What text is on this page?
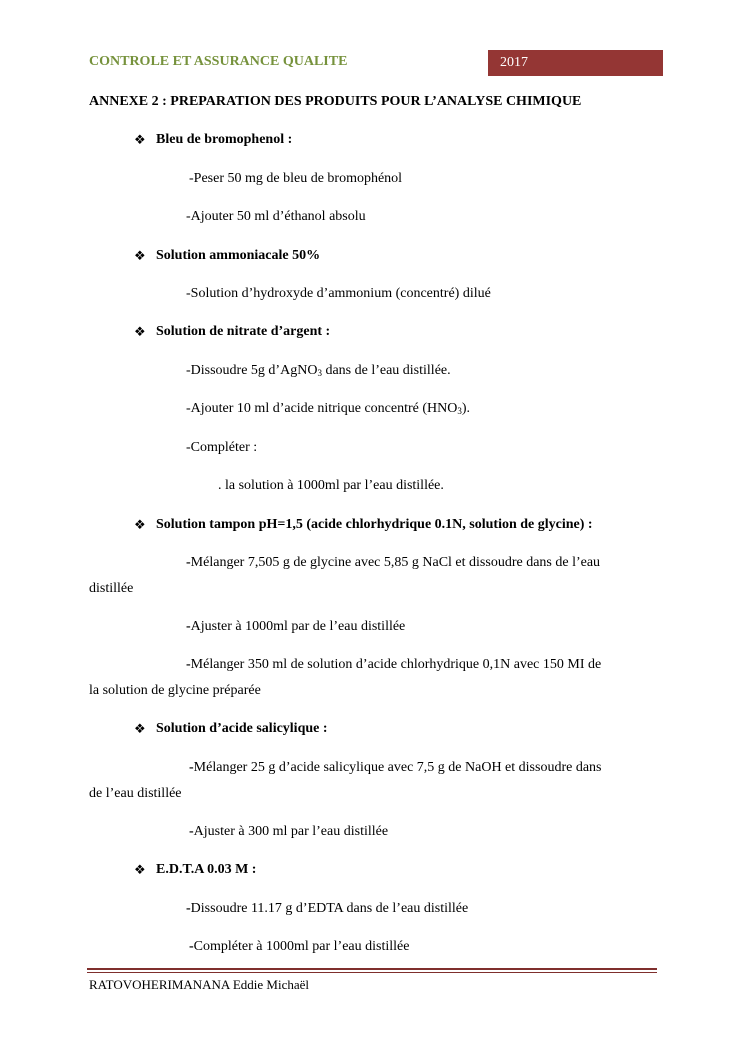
CONTROLE ET ASSURANCE QUALITE	2017
ANNEXE 2 : PREPARATION DES PRODUITS POUR L’ANALYSE CHIMIQUE
❖ Bleu de bromophenol :
-Peser 50 mg de bleu de bromophénol
-Ajouter 50 ml d’éthanol absolu
❖ Solution ammoniacale 50%
-Solution d’hydroxyde d’ammonium (concentré) dilué
❖ Solution de nitrate d’argent :
-Dissoudre 5g d’AgNO$_3$ dans de l’eau distillée.
-Ajouter 10 ml d’acide nitrique concentré $(HNO_3)$.
-Compléter :
. la solution à 1000ml par l’eau distillée.
❖ Solution tampon pH=1,5 (acide chlorhydrique 0.1N, solution de glycine) :
-Mélanger 7,505 g de glycine avec 5,85 g NaCl et dissoudre dans de l’eau
distillée
-Ajuster à 1000ml par de l’eau distillée
-Mélanger 350 ml de solution d’acide chlorhydrique 0,1N avec 150 MI de
la solution de glycine préparée
❖ Solution d’acide salicylique :
-Mélanger 25 g d’acide salicylique avec 7,5 g de NaOH et dissoudre dans
de l’eau distillée
-Ajuster à 300 ml par l’eau distillée
❖ E.D.T.A 0.03 M :
-Dissoudre 11.17 g d’EDTA dans de l’eau distillée
-Compléter à 1000ml par l’eau distillée
RATOVOHERIMANANA Eddie Michaël
